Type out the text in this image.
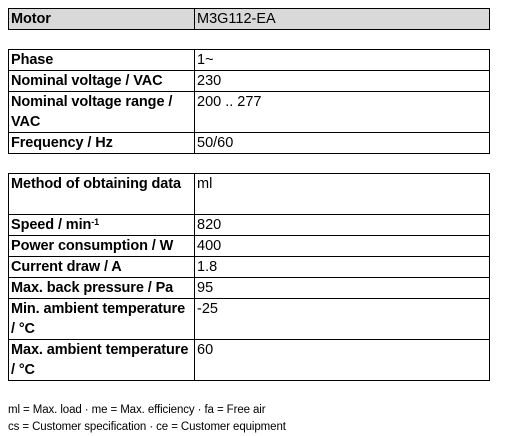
Motor	M3G112-EA
Phase	1~
Nominal voltage / VAC	230
Nominal voltage range / VAC	200 .. 277
Frequency / Hz	50/60
Method of obtaining data	ml
Speed / $\min^{-1}$	820
Power consumption / W	400
Current draw / A	1.8
Max. back pressure / Pa	95
Min. ambient temperature / °C	-25
Max. ambient temperature / °C	60
ml = Max. load · me = Max. efficiency · fa = Free air
cs = Customer specification · ce = Customer equipment
